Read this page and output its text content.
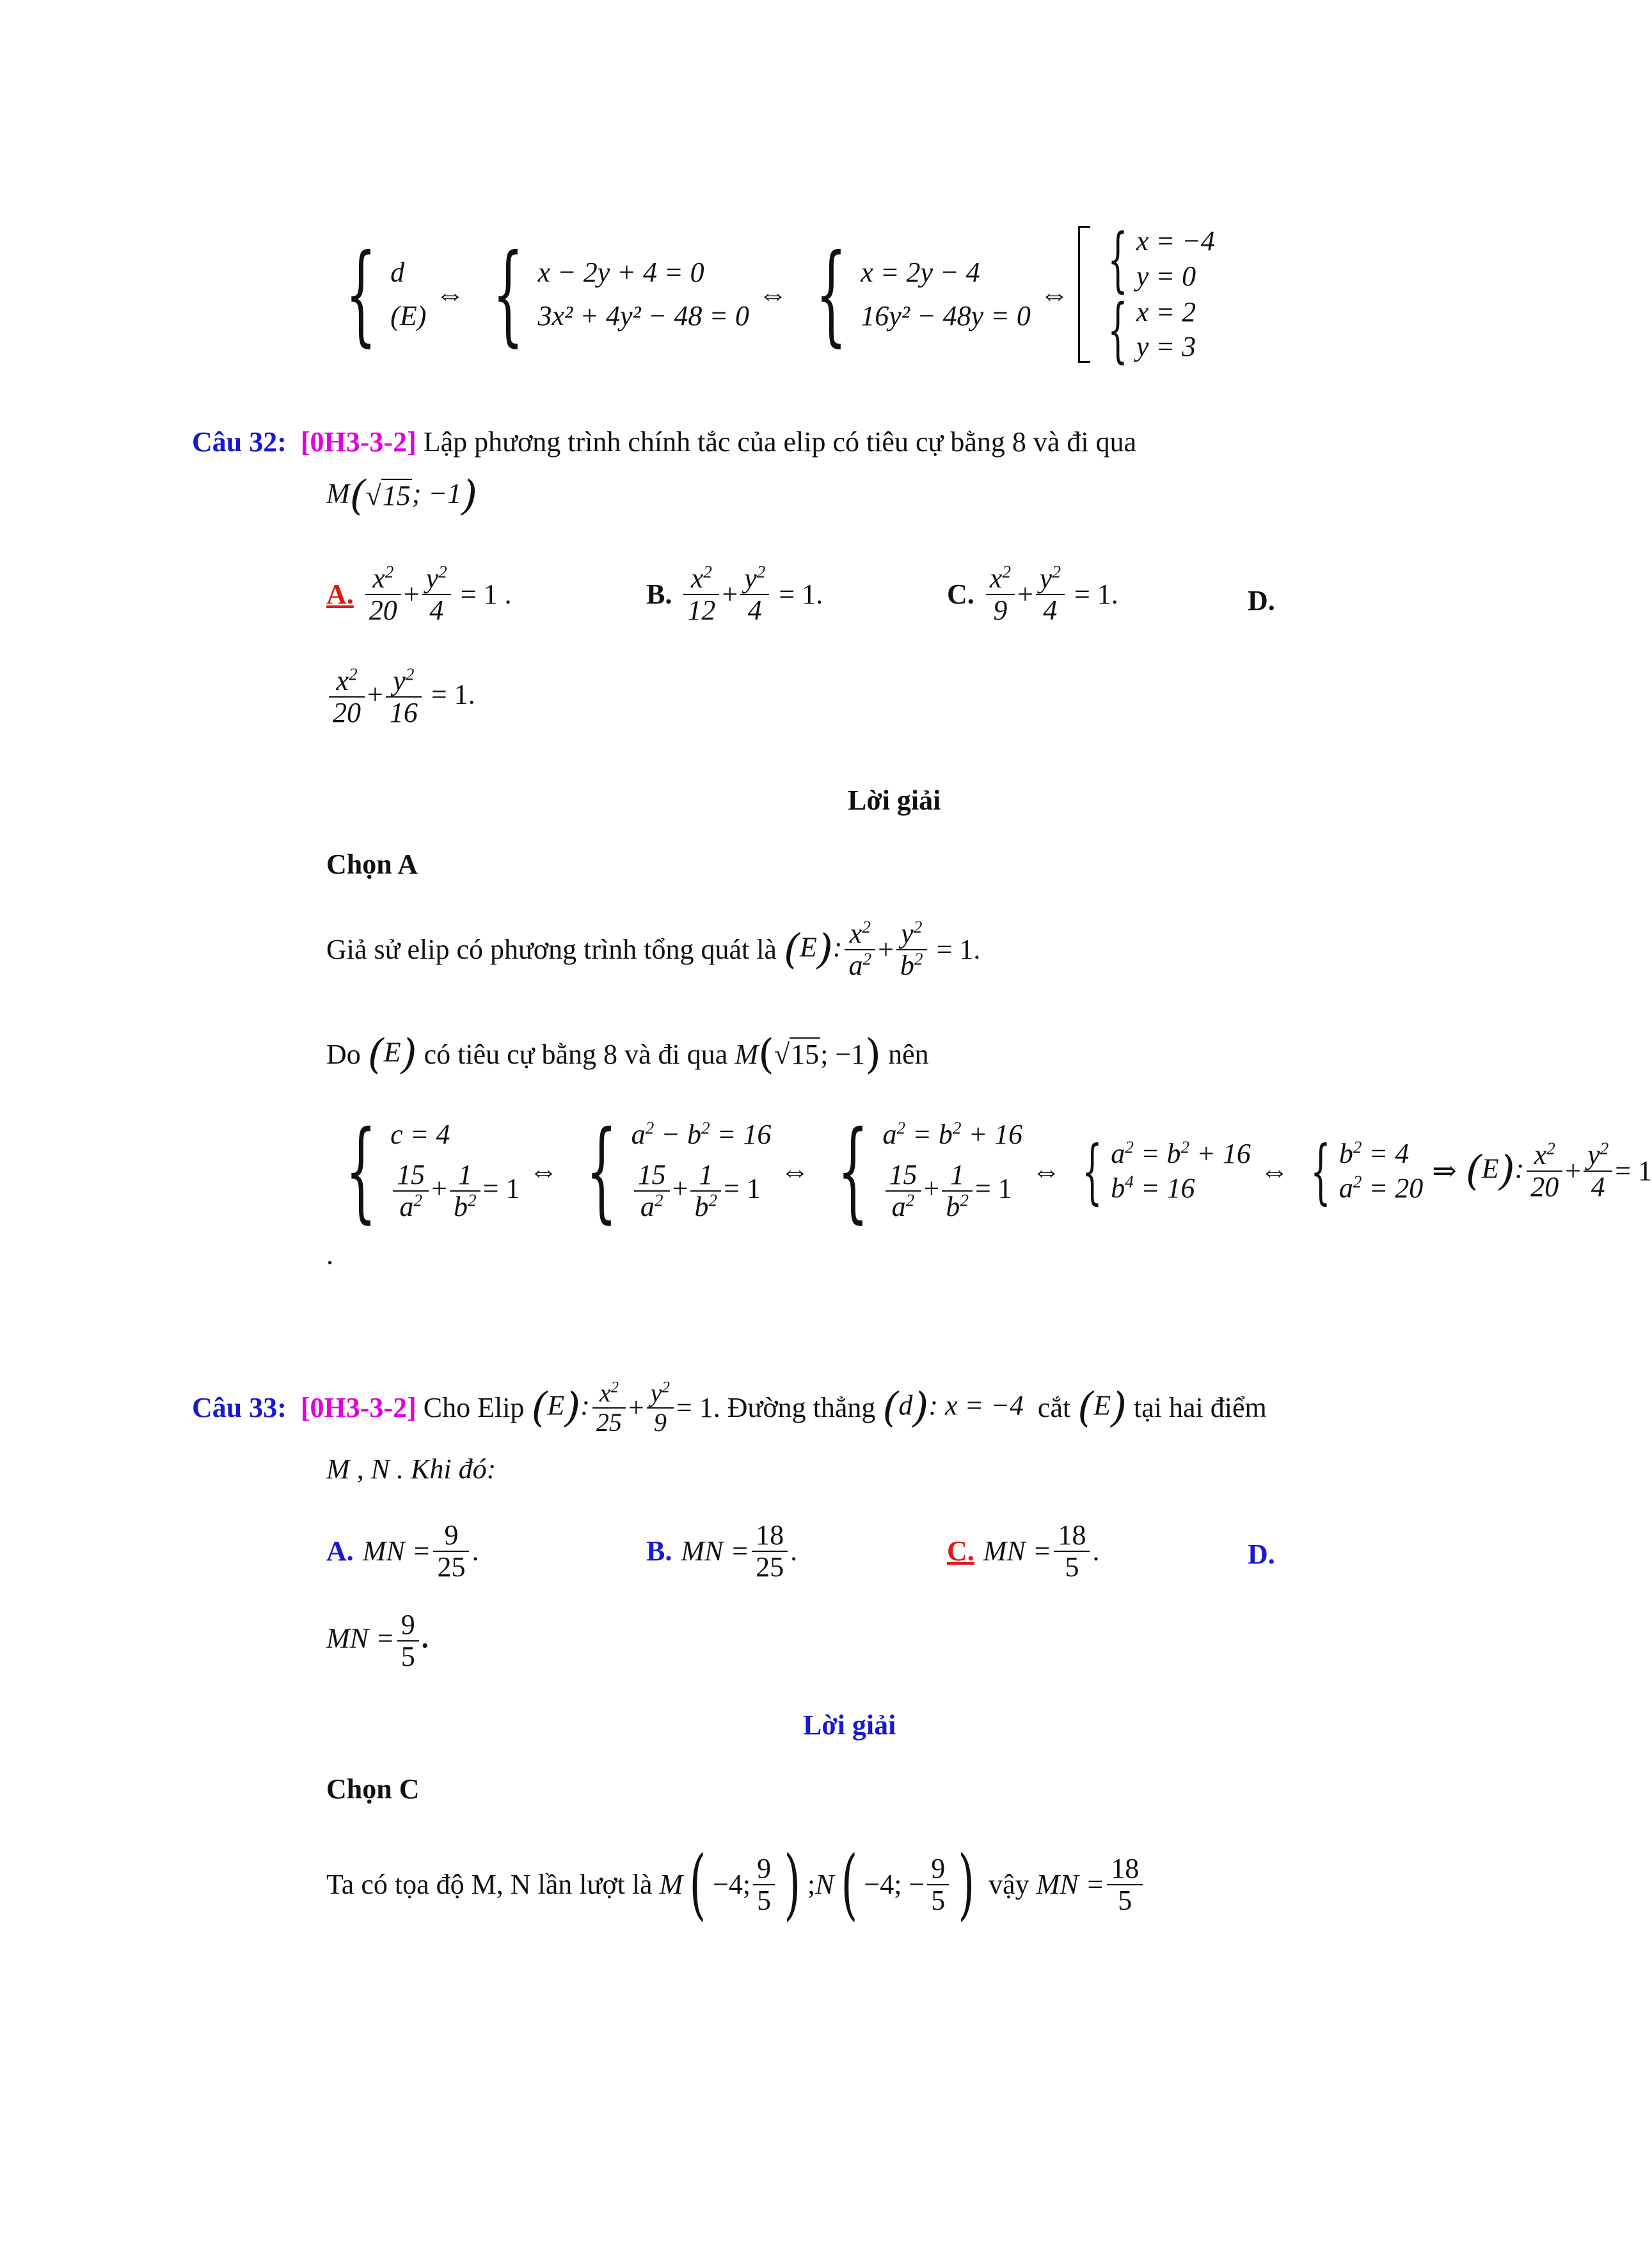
{ d
(E)
⇔ { x − 2y + 4 = 0
3x² + 4y² − 48 = 0
⇔ { x = 2y − 4
16y² − 48y = 0
⇔ { x = −4
y = 0
{ x = 2
y = 3
Câu 32: [0H3-3-2] Lập phương trình chính tắc của elip có tiêu cự bằng 8 và đi qua
M(√15; −1)
A. $\frac{x^2}{20} + \frac{y^2}{4} = 1$ .	B. $\frac{x^2}{12} + \frac{y^2}{4} = 1$.	C. $\frac{x^2}{9} + \frac{y^2}{4} = 1$.	D.
$\frac{x^2}{20} + \frac{y^2}{16} = 1$.
Lời giải
Chọn A
Giả sử elip có phương trình tổng quát là
(E): $\frac{x^2}{a^2} + \frac{y^2}{b^2} = 1$.
Do
(E)
có tiêu cự bằng 8 và đi qua
M ( √15 ; −1 )
nên
{ c = 4
$\frac{15}{a^2} + \frac{1}{b^2} = 1$
⇔ { $a^2 - b^2 = 16$
$\frac{15}{a^2} + \frac{1}{b^2} = 1$
⇔ { $a^2 = b^2 + 16$
$\frac{15}{a^2} + \frac{1}{b^2} = 1$
⇔ { $a^2 = b^2 + 16$
$b^4 = 16$
⇔ { $b^2 = 4$
$a^2 = 20$
⇒ (E): $\frac{x^2}{20} + \frac{y^2}{4} = 1$
.
Câu 33:
[0H3-3-2]
Cho Elip
(E): $\frac{x^2}{25} + \frac{y^2}{9} = 1$ . Đường thẳng
(d): x = −4
cắt
(E)
tại hai điểm
M , N . Khi đó:
A. MN = $\frac{9}{25}$ .	B. MN = $\frac{18}{25}$ .	C. MN = $\frac{18}{5}$ .	D.
MN = $\frac{9}{5}$ .
Lời giải
Chọn C
Ta có tọa độ M, N lần lượt là
M ( −4; $\frac{9}{5}$ ) ; N ( −4; − $\frac{9}{5}$ )
vậy
MN = $\frac{18}{5}$
